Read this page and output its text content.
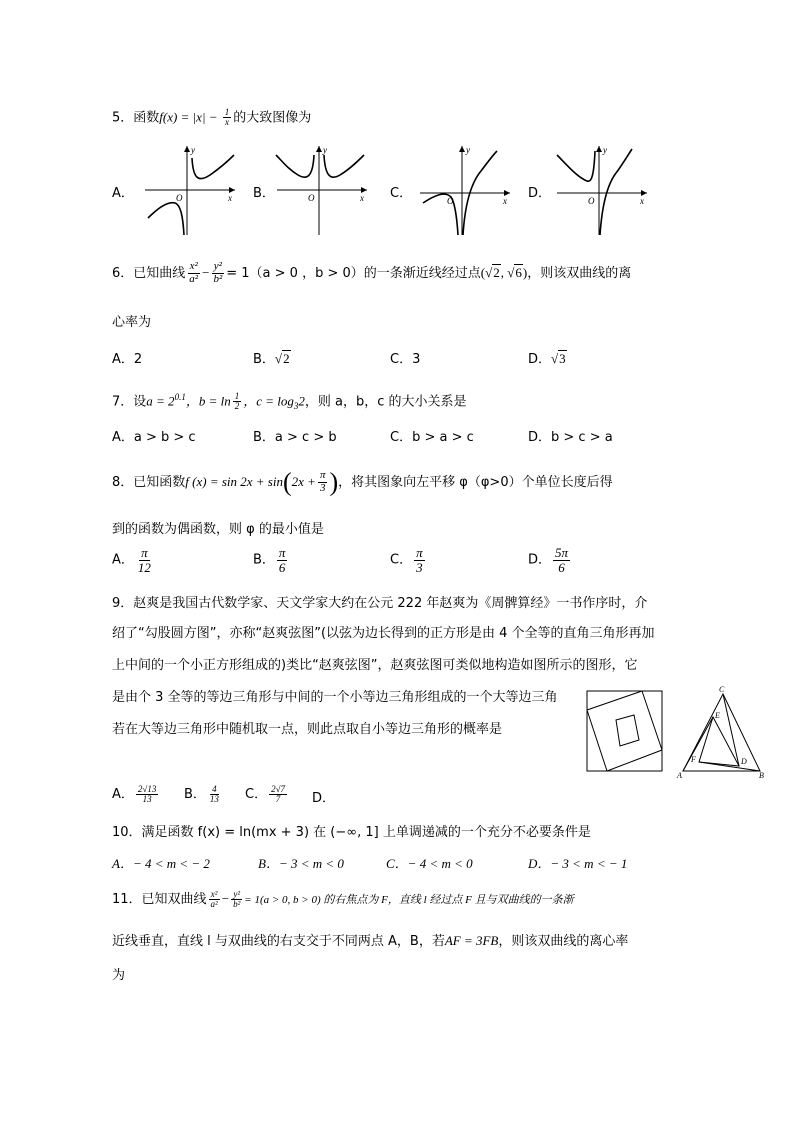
5．函数$f(x) = |x| - \frac{1}{x}$ 的大致图像为
A．	B．	C．	D．
y
x
O
y
x
O
y
x
O
y
x
O
6．已知曲线 $\frac{\text{x²}}{\text{a²}} - \frac{\text{y²}}{\text{b²}} = 1(a > 0$ ，b > 0）的一条渐近线经过点(√2, √6)，则该双曲线的离
心率为
A．2	B．√2	C．3	D．√3
7．设$a = 2^{0.1}$，$b = \ln \frac{1}{2}$ ，$c = \log_32$，则 a，b，c 的大小关系是
A．a > b > c	B．a > c > b	C．b > a > c	D．b > c > a
8．已知函数f $(x) = \sin 2x + \sin(2x + \frac{\pi}{3}$ )，将其图象向左平移 φ（φ>0）个单位长度后得
到的函数为偶函数，则 φ 的最小值是
A． $\frac{\pi}{12}$	B． $\frac{\pi}{6}$	C． $\frac{\pi}{3}$	D． $\frac{5\pi}{6}$
9．赵爽是我国古代数学家、天文学家大约在公元 222 年赵爽为《周髀算经》一书作序时，介
绍了“勾股圆方图”，亦称“赵爽弦图”(以弦为边长得到的正方形是由 4 个全等的直角三角形再加
上中间的一个小正方形组成的)类比“赵爽弦图”，赵爽弦图可类似地构造如图所示的图形，它
是由个 3 全等的等边三角形与中间的一个小等边三角形组成的一个大等边三角
若在大等边三角形中随机取一点，则此点取自小等边三角形的概率是
C
A	B
E
F	D
A． $\frac{2√13}{13}$ B． $\frac{4}{13}$ C． $\frac{2√7}{7}$ D．
10．满足函数 f(x) = ln(mx + 3) 在 (−∞, 1] 上单调递减的一个充分不必要条件是
A．− 4 < m < − 2	B．− 3 < m < 0	C．− 4 < m < 0	D．− 3 < m < − 1
11．已知双曲线 $\frac{\text{x²}}{\text{a²}} - \frac{\text{y²}}{\text{b²}} = 1(a > 0$, b > 0) 的右焦点为 F，直线 l 经过点 F 且与双曲线的一条渐
近线垂直，直线 l 与双曲线的右支交于不同两点 A，B，若AF = 3FB，则该双曲线的离心率
为
